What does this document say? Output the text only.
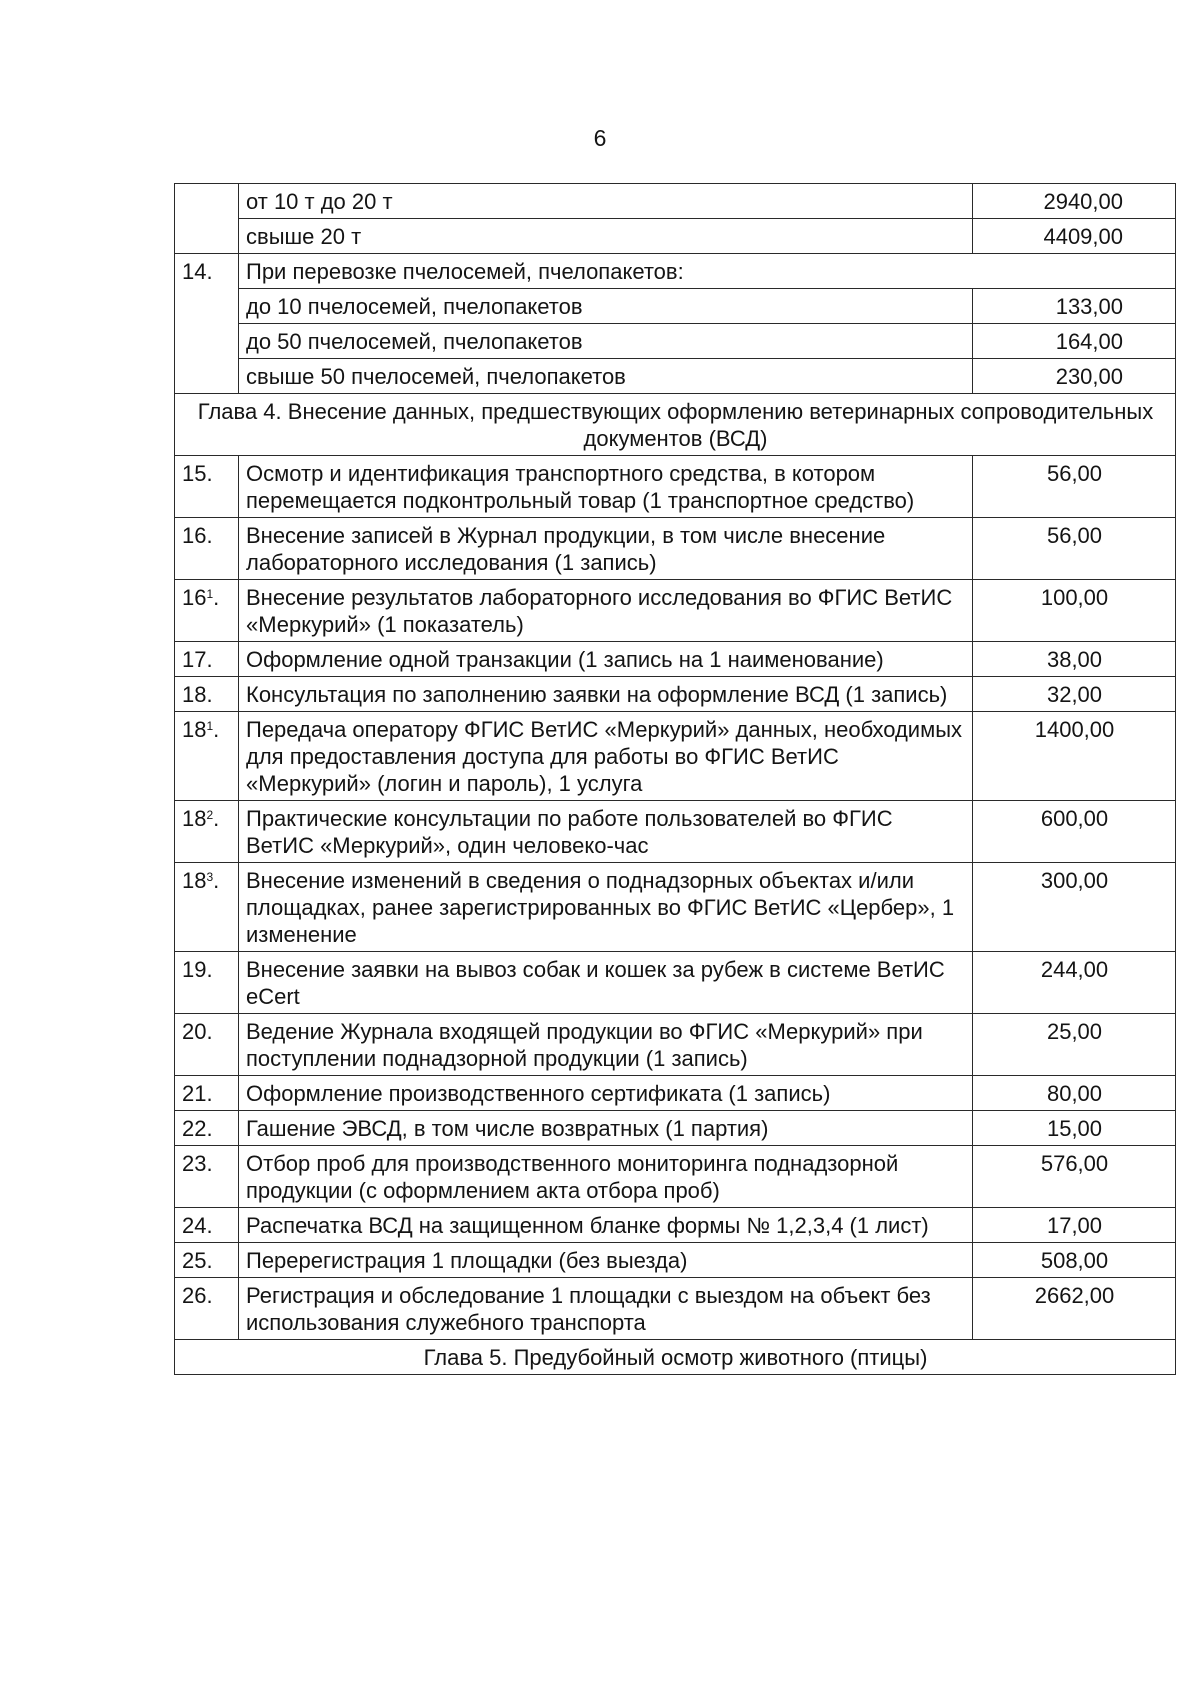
6
	от 10 т до 20 т	2940,00
	свыше 20 т	4409,00
14.	При перевозке пчелосемей, пчелопакетов:	
	до 10 пчелосемей, пчелопакетов	133,00
	до 50 пчелосемей, пчелопакетов	164,00
	свыше 50 пчелосемей, пчелопакетов	230,00
Глава 4. Внесение данных, предшествующих оформлению ветеринарных сопроводительных документов (ВСД)		
15.	Осмотр и идентификация транспортного средства, в котором перемещается подконтрольный товар (1 транспортное средство)	56,00
16.	Внесение записей в Журнал продукции, в том числе внесение лабораторного исследования (1 запись)	56,00
$16^1$.	Внесение результатов лабораторного исследования во ФГИС ВетИС «Меркурий» (1 показатель)	100,00
17.	Оформление одной транзакции (1 запись на 1 наименование)	38,00
18.	Консультация по заполнению заявки на оформление ВСД (1 запись)	32,00
$18^1$.	Передача оператору ФГИС ВетИС «Меркурий» данных, необходимых для предоставления доступа для работы во ФГИС ВетИС «Меркурий» (логин и пароль), 1 услуга	1400,00
$18^2$.	Практические консультации по работе пользователей во ФГИС ВетИС «Меркурий», один человеко-час	600,00
$18^3$.	Внесение изменений в сведения о поднадзорных объектах и/или площадках, ранее зарегистрированных во ФГИС ВетИС «Цербер», 1 изменение	300,00
19.	Внесение заявки на вывоз собак и кошек за рубеж в системе ВетИС eCert	244,00
20.	Ведение Журнала входящей продукции во ФГИС «Меркурий» при поступлении поднадзорной продукции (1 запись)	25,00
21.	Оформление производственного сертификата (1 запись)	80,00
22.	Гашение ЭВСД, в том числе возвратных (1 партия)	15,00
23.	Отбор проб для производственного мониторинга поднадзорной продукции (с оформлением акта отбора проб)	576,00
24.	Распечатка ВСД на защищенном бланке формы № 1,2,3,4 (1 лист)	17,00
25.	Перерегистрация 1 площадки (без выезда)	508,00
26.	Регистрация и обследование 1 площадки с выездом на объект без использования служебного транспорта	2662,00
Глава 5. Предубойный осмотр животного (птицы)		
